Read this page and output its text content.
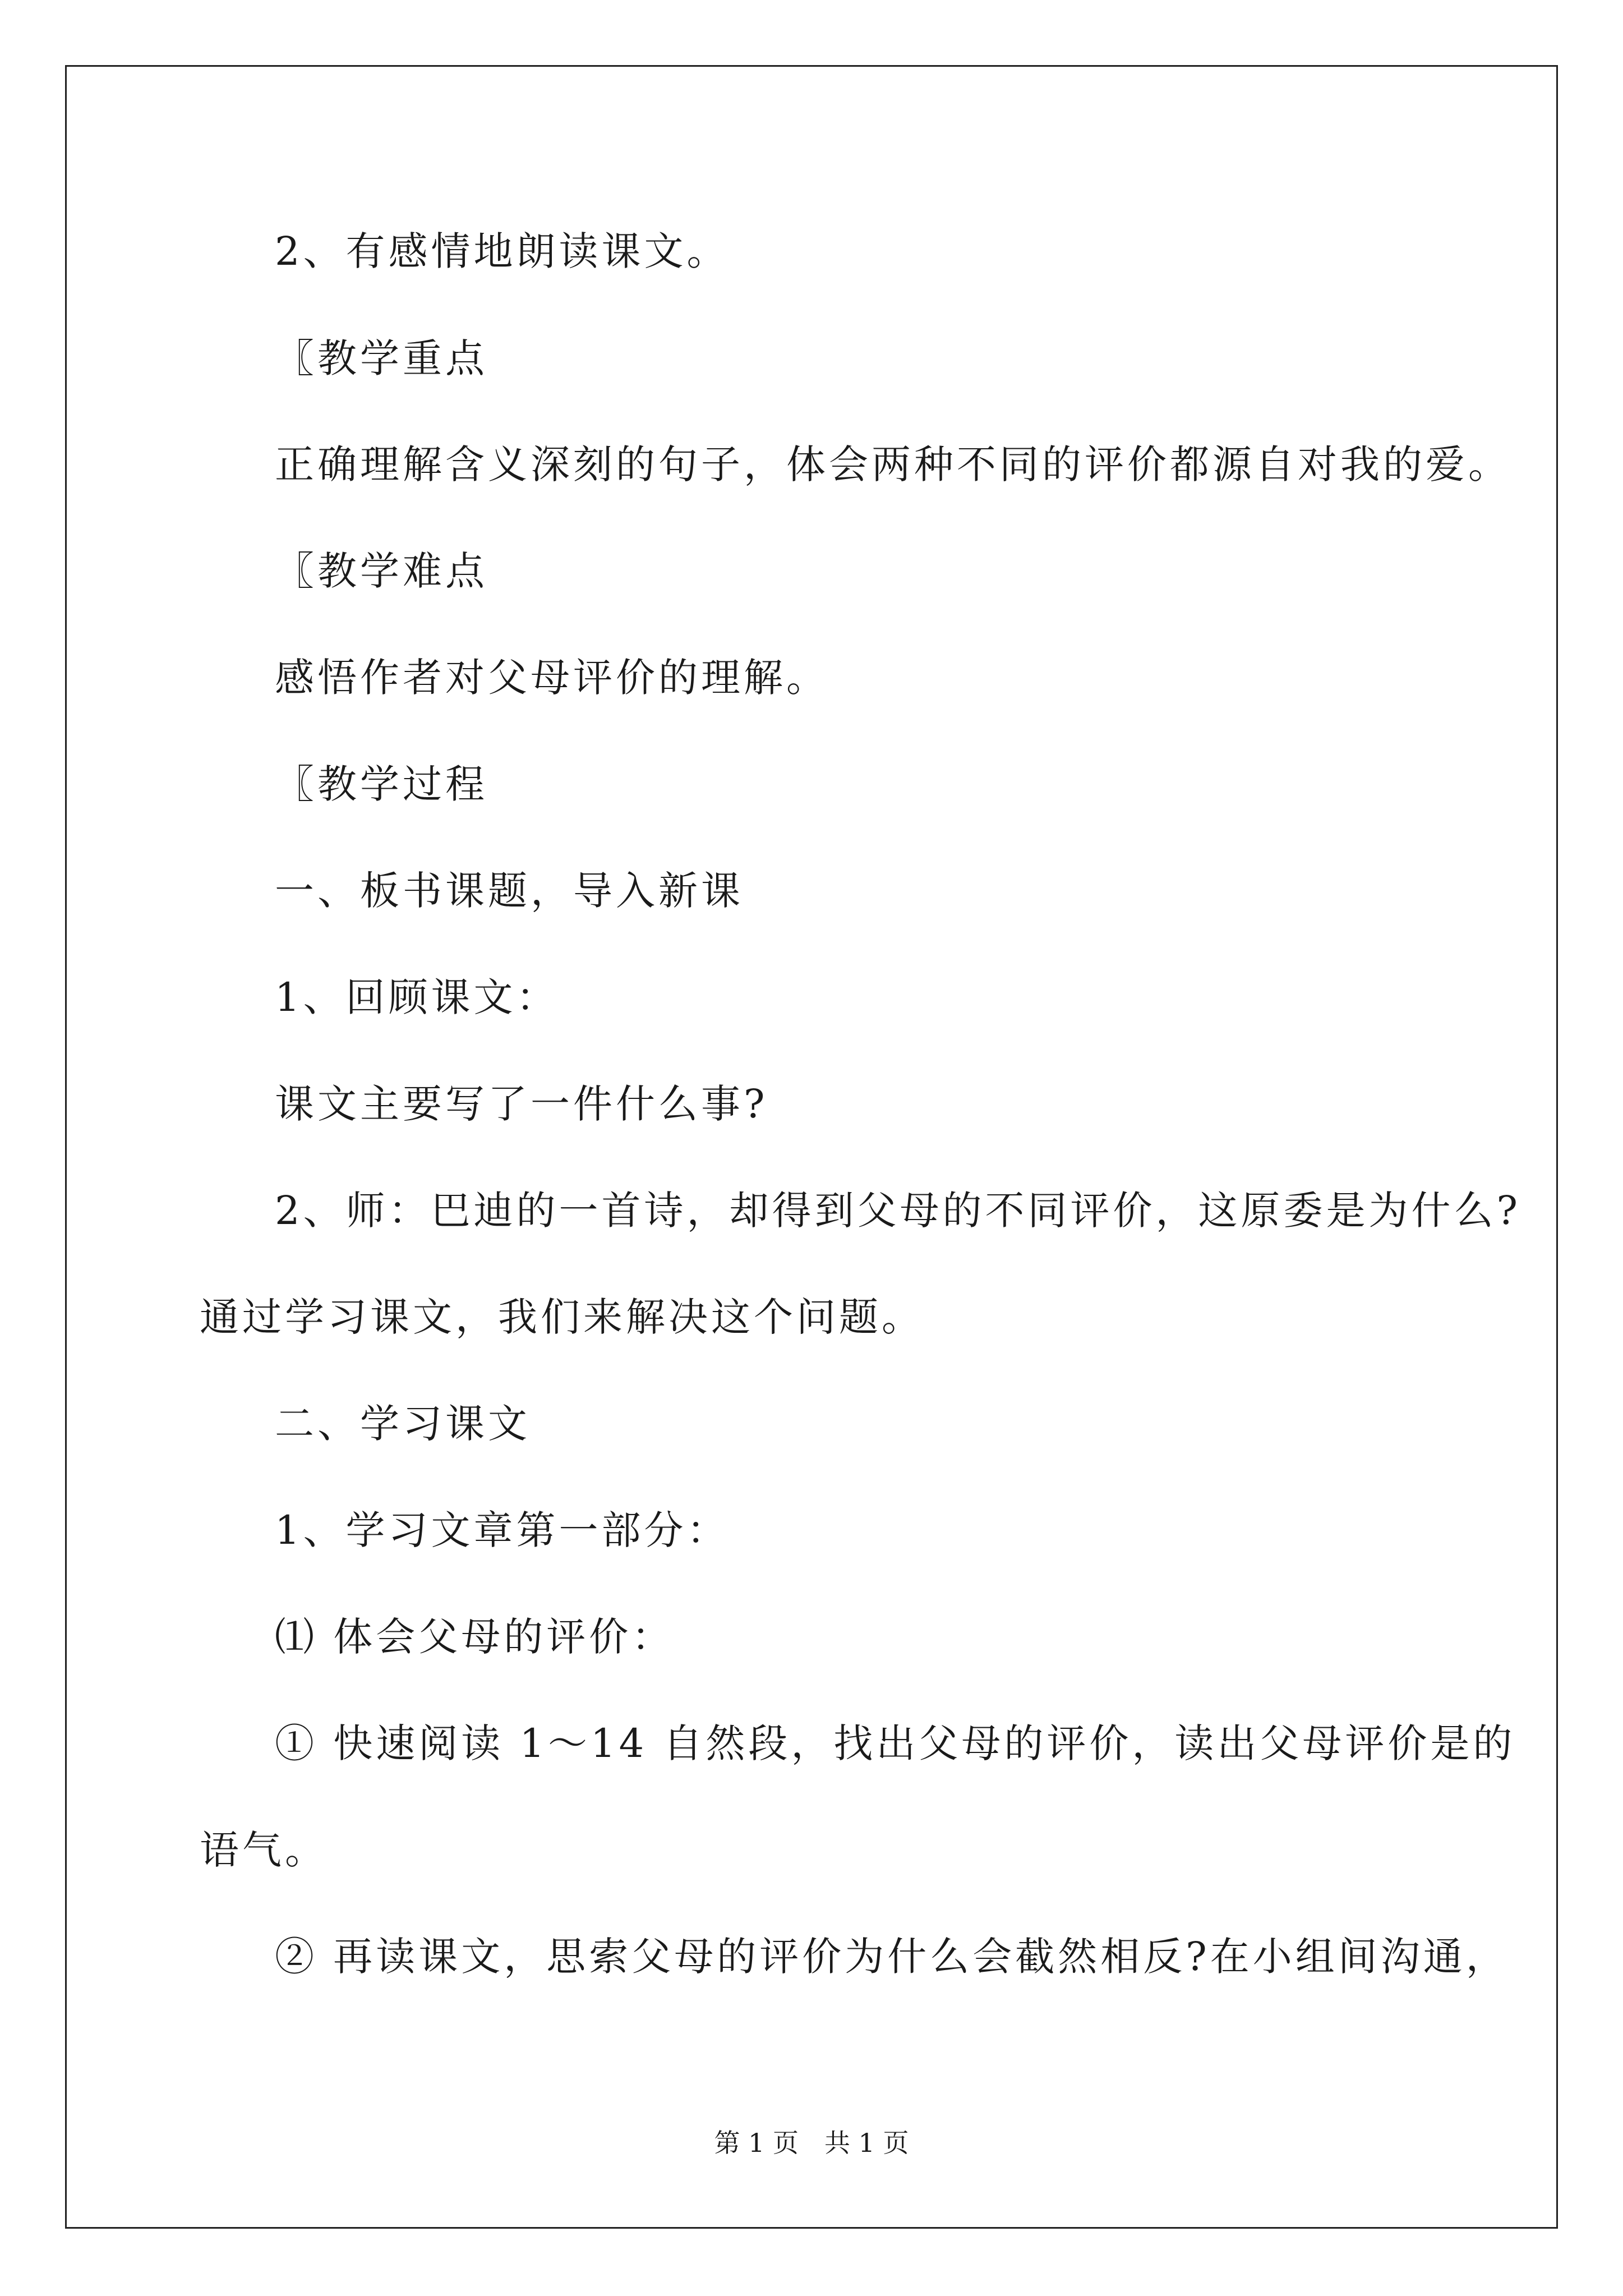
2、有感情地朗读课文。
〖教学重点
正确理解含义深刻的句子，体会两种不同的评价都源自对我的爱。
〖教学难点
感悟作者对父母评价的理解。
〖教学过程
一、板书课题，导入新课
1、回顾课文：
课文主要写了一件什么事?
2、师：巴迪的一首诗，却得到父母的不同评价，这原委是为什么?
通过学习课文，我们来解决这个问题。
二、学习课文
1、学习文章第一部分：
⑴ 体会父母的评价：
① 快速阅读 1～14 自然段，找出父母的评价，读出父母评价是的
语气。
② 再读课文，思索父母的评价为什么会截然相反?在小组间沟通，
第 1 页 共 1 页
